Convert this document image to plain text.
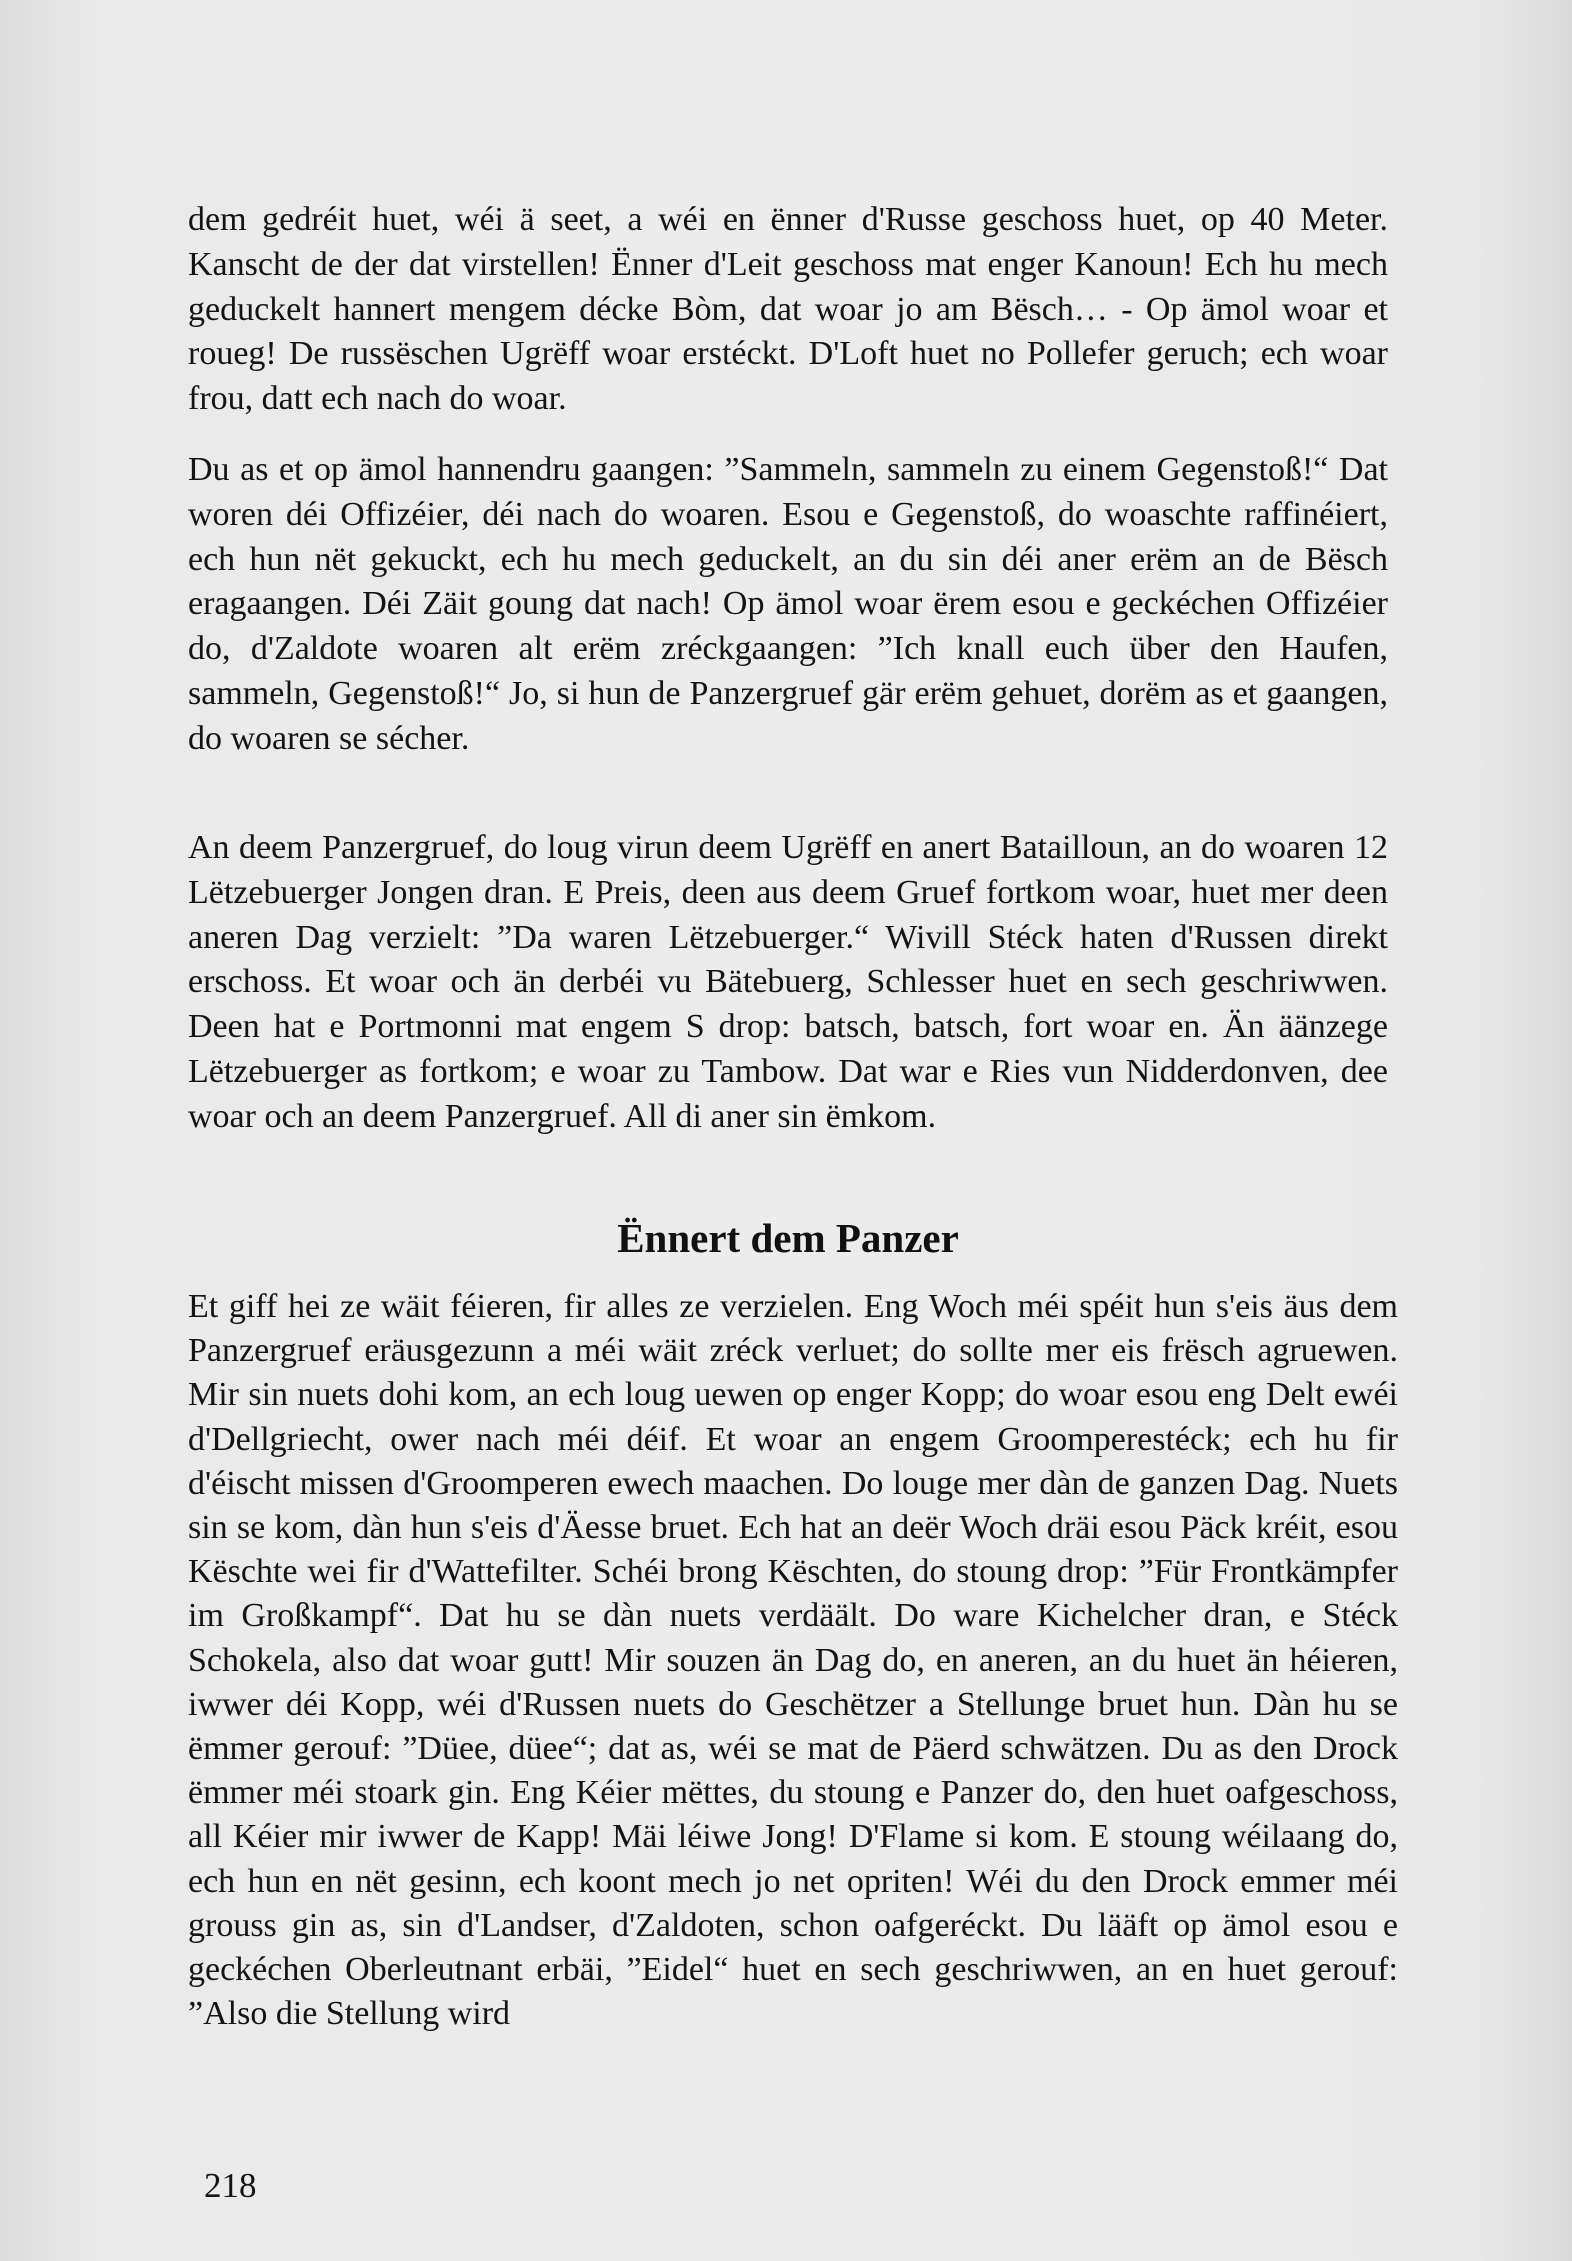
dem gedréit huet, wéi ä seet, a wéi en ënner d'Russe geschoss huet, op 40 Meter. Kanscht de der dat virstellen! Ënner d'Leit geschoss mat enger Kanoun! Ech hu mech geduckelt hannert mengem décke Bòm, dat woar jo am Bësch… - Op ämol woar et roueg! De russëschen Ugrëff woar erstéckt. D'Loft huet no Pollefer geruch; ech woar frou, datt ech nach do woar.

Du as et op ämol hannendru gaangen: ”Sammeln, sammeln zu einem Gegenstoß!“ Dat woren déi Offizéier, déi nach do woaren. Esou e Gegenstoß, do woaschte raffinéiert, ech hun nët gekuckt, ech hu mech geduckelt, an du sin déi aner erëm an de Bësch eragaangen. Déi Zäit goung dat nach! Op ämol woar ërem esou e geckéchen Offizéier do, d'Zaldote woaren alt erëm zréckgaangen: ”Ich knall euch über den Haufen, sammeln, Gegenstoß!“ Jo, si hun de Panzergruef gär erëm gehuet, dorëm as et gaangen, do woaren se sécher.

An deem Panzergruef, do loug virun deem Ugrëff en anert Batailloun, an do woaren 12 Lëtzebuerger Jongen dran. E Preis, deen aus deem Gruef fortkom woar, huet mer deen aneren Dag verzielt: ”Da waren Lëtzebuerger.“ Wivill Stéck haten d'Russen direkt erschoss. Et woar och än derbéi vu Bätebuerg, Schlesser huet en sech geschriwwen. Deen hat e Portmonni mat engem S drop: batsch, batsch, fort woar en. Än äänzege Lëtzebuerger as fortkom; e woar zu Tambow. Dat war e Ries vun Nidderdonven, dee woar och an deem Panzergruef. All di aner sin ëmkom.

Ënnert dem Panzer

Et giff hei ze wäit féieren, fir alles ze verzielen. Eng Woch méi spéit hun s'eis äus dem Panzergruef eräusgezunn a méi wäit zréck verluet; do sollte mer eis frësch agruewen. Mir sin nuets dohi kom, an ech loug uewen op enger Kopp; do woar esou eng Delt ewéi d'Dellgriecht, ower nach méi déif. Et woar an engem Groomperestéck; ech hu fir d'éischt missen d'Groomperen ewech maachen. Do louge mer dàn de ganzen Dag. Nuets sin se kom, dàn hun s'eis d'Äesse bruet. Ech hat an deër Woch dräi esou Päck kréit, esou Këschte wei fir d'Wattefilter. Schéi brong Këschten, do stoung drop: ”Für Frontkämpfer im Großkampf“. Dat hu se dàn nuets verdäält. Do ware Kichelcher dran, e Stéck Schokela, also dat woar gutt! Mir souzen än Dag do, en aneren, an du huet än héieren, iwwer déi Kopp, wéi d'Russen nuets do Geschëtzer a Stellunge bruet hun. Dàn hu se ëmmer gerouf: ”Düee, düee“; dat as, wéi se mat de Päerd schwätzen. Du as den Drock ëmmer méi stoark gin. Eng Kéier mëttes, du stoung e Panzer do, den huet oafgeschoss, all Kéier mir iwwer de Kapp! Mäi léiwe Jong! D'Flame si kom. E stoung wéilaang do, ech hun en nët gesinn, ech koont mech jo net opriten! Wéi du den Drock emmer méi grouss gin as, sin d'Landser, d'Zaldoten, schon oafgeréckt. Du lääft op ämol esou e geckéchen Oberleutnant erbäi, ”Eidel“ huet en sech geschriwwen, an en huet gerouf: ”Also die Stellung wird

218
